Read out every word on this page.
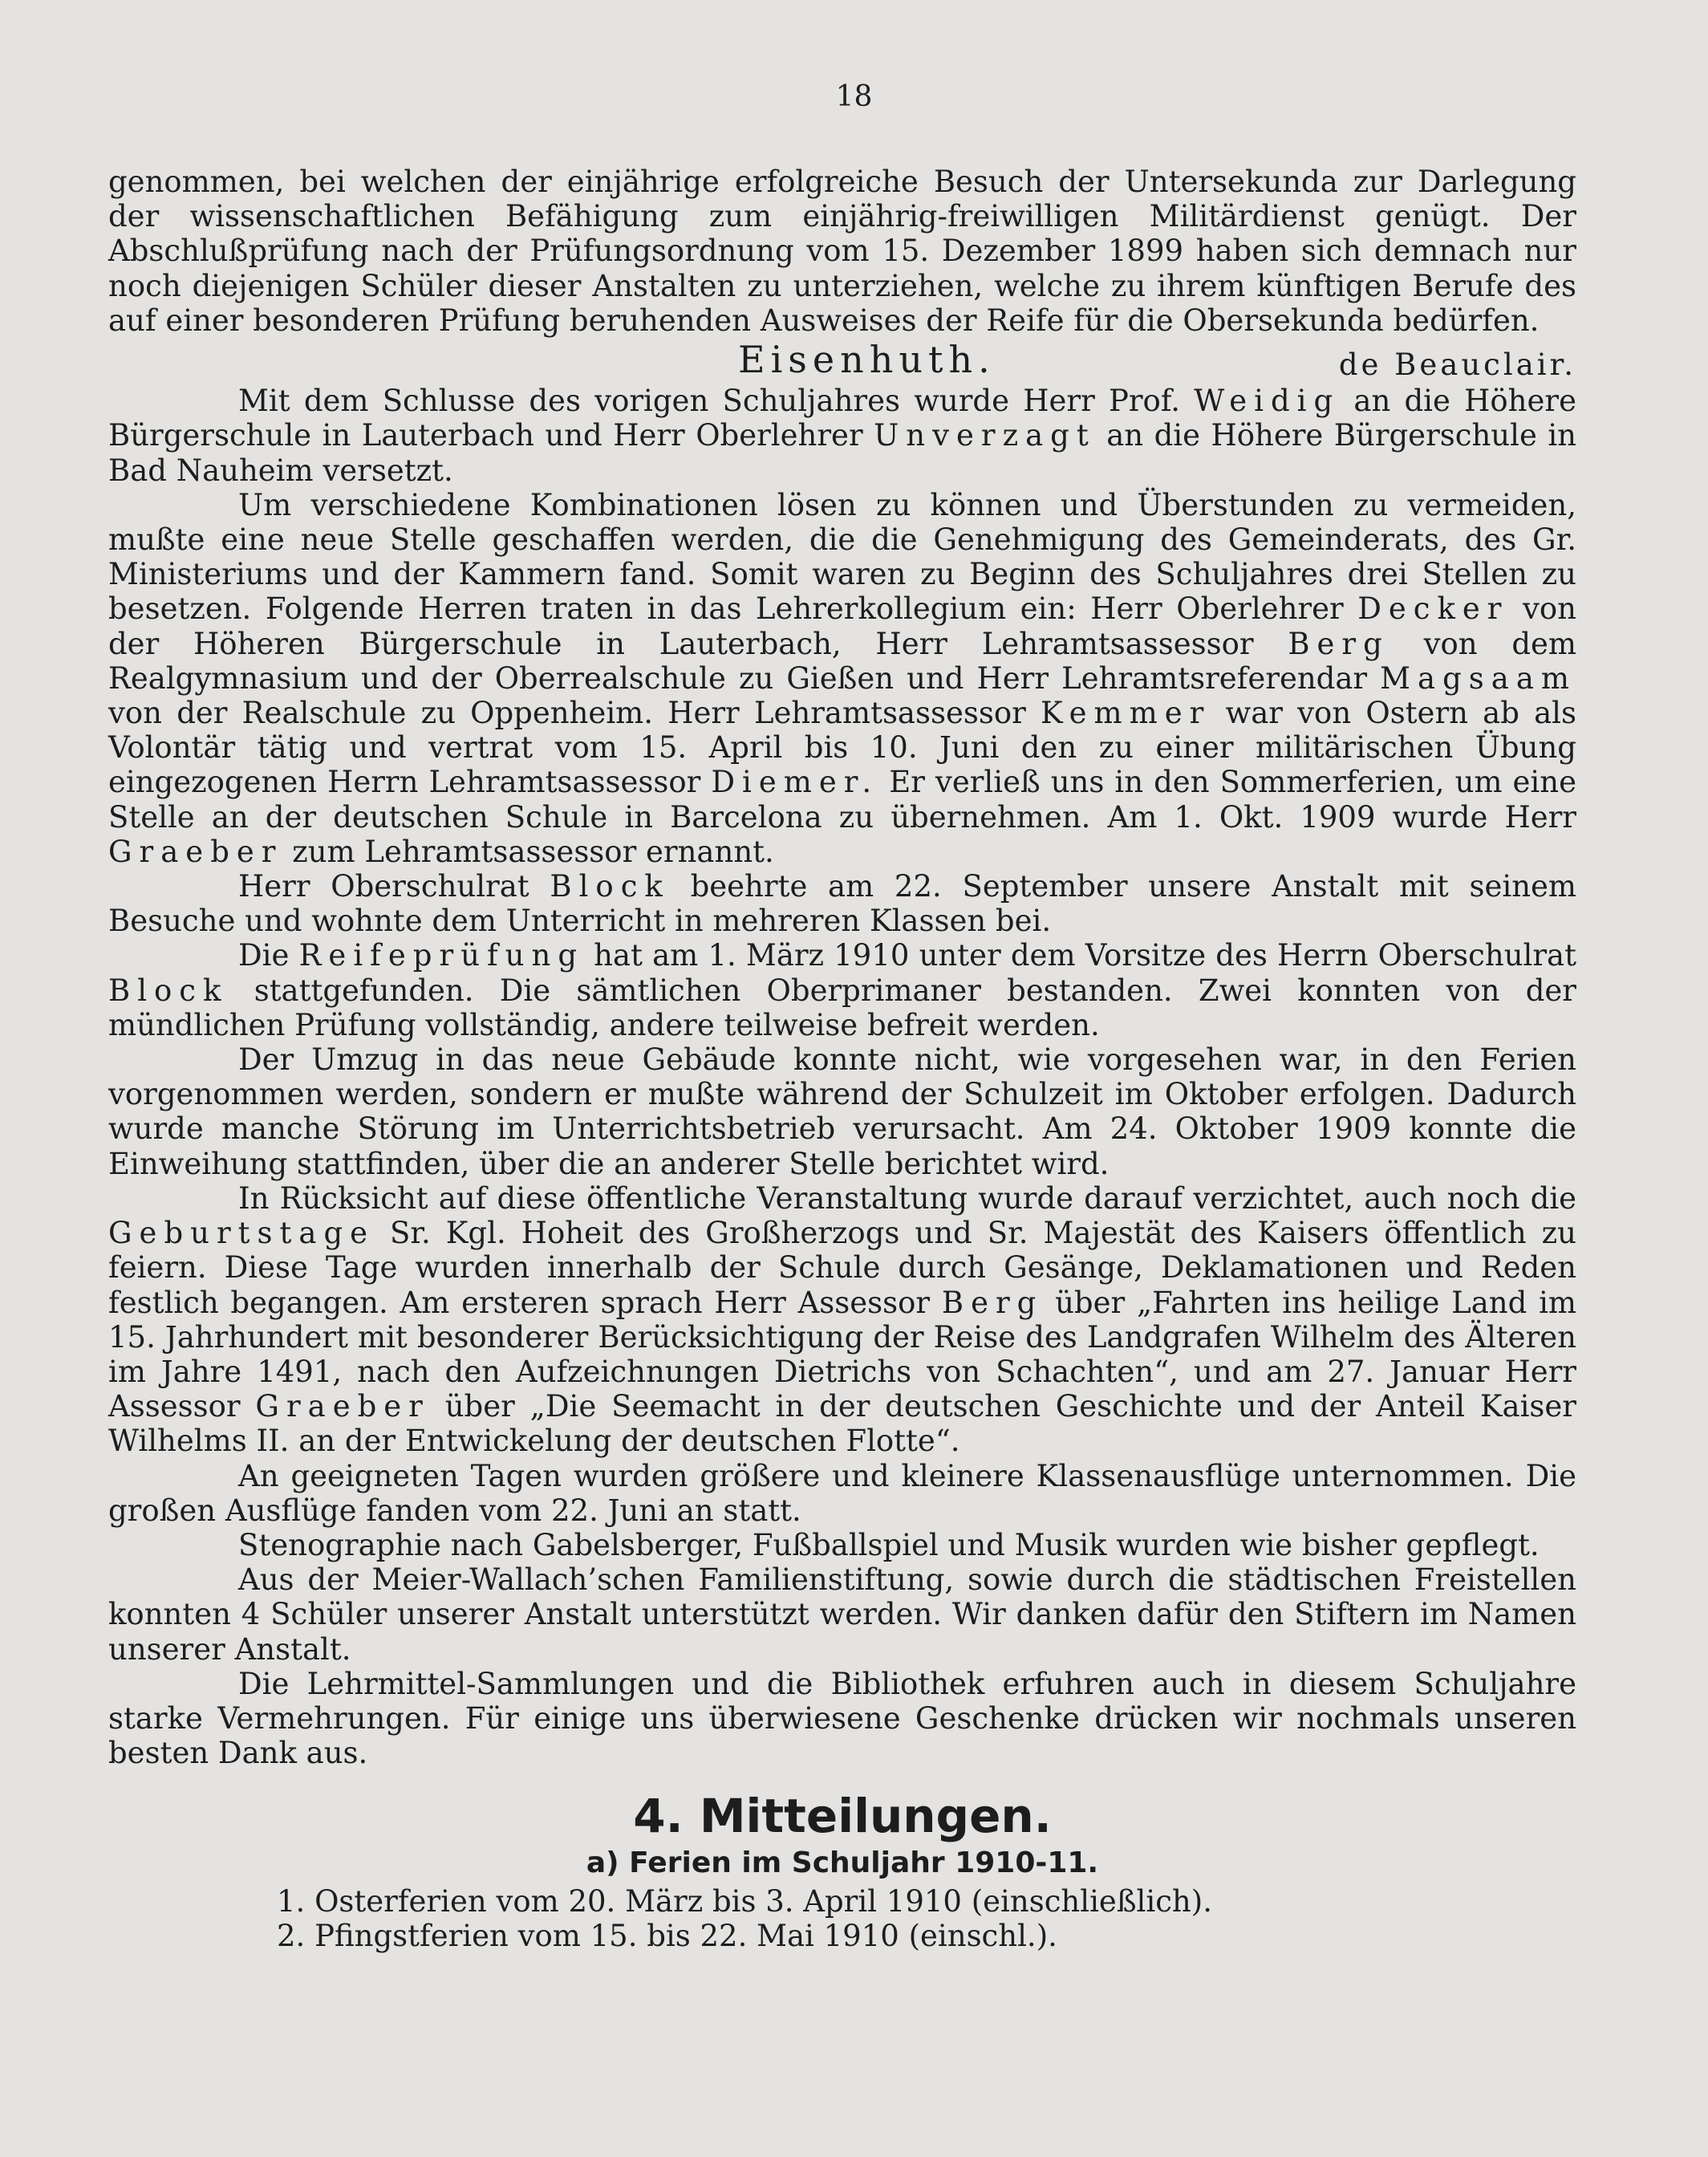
18

genommen, bei welchen der einjährige erfolgreiche Besuch der Untersekunda zur Darlegung der wissenschaftlichen Befähigung zum einjährig-freiwilligen Militärdienst genügt. Der Abschlußprüfung nach der Prüfungsordnung vom 15. Dezember 1899 haben sich demnach nur noch diejenigen Schüler dieser Anstalten zu unterziehen, welche zu ihrem künftigen Berufe des auf einer besonderen Prüfung beruhenden Ausweises der Reife für die Obersekunda bedürfen.

Eisenhuth.	de Beauclair.

Mit dem Schlusse des vorigen Schuljahres wurde Herr Prof. Weidig an die Höhere Bürgerschule in Lauterbach und Herr Oberlehrer Unverzagt an die Höhere Bürgerschule in Bad Nauheim versetzt.

Um verschiedene Kombinationen lösen zu können und Überstunden zu vermeiden, mußte eine neue Stelle geschaffen werden, die die Genehmigung des Gemeinderats, des Gr. Ministeriums und der Kammern fand. Somit waren zu Beginn des Schuljahres drei Stellen zu besetzen. Folgende Herren traten in das Lehrerkollegium ein: Herr Oberlehrer Decker von der Höheren Bürgerschule in Lauterbach, Herr Lehramtsassessor Berg von dem Realgymnasium und der Oberrealschule zu Gießen und Herr Lehramtsreferendar Magsaam von der Realschule zu Oppenheim. Herr Lehramtsassessor Kemmer war von Ostern ab als Volontär tätig und vertrat vom 15. April bis 10. Juni den zu einer militärischen Übung eingezogenen Herrn Lehramtsassessor Diemer. Er verließ uns in den Sommerferien, um eine Stelle an der deutschen Schule in Barcelona zu übernehmen. Am 1. Okt. 1909 wurde Herr Graeber zum Lehramtsassessor ernannt.

Herr Oberschulrat Block beehrte am 22. September unsere Anstalt mit seinem Besuche und wohnte dem Unterricht in mehreren Klassen bei.

Die Reifeprüfung hat am 1. März 1910 unter dem Vorsitze des Herrn Oberschulrat Block stattgefunden. Die sämtlichen Oberprimaner bestanden. Zwei konnten von der mündlichen Prüfung vollständig, andere teilweise befreit werden.

Der Umzug in das neue Gebäude konnte nicht, wie vorgesehen war, in den Ferien vorgenommen werden, sondern er mußte während der Schulzeit im Oktober erfolgen. Dadurch wurde manche Störung im Unterrichtsbetrieb verursacht. Am 24. Oktober 1909 konnte die Einweihung stattfinden, über die an anderer Stelle berichtet wird.

In Rücksicht auf diese öffentliche Veranstaltung wurde darauf verzichtet, auch noch die Geburtstage Sr. Kgl. Hoheit des Großherzogs und Sr. Majestät des Kaisers öffentlich zu feiern. Diese Tage wurden innerhalb der Schule durch Gesänge, Deklamationen und Reden festlich begangen. Am ersteren sprach Herr Assessor Berg über „Fahrten ins heilige Land im 15. Jahrhundert mit besonderer Berücksichtigung der Reise des Landgrafen Wilhelm des Älteren im Jahre 1491, nach den Aufzeichnungen Dietrichs von Schachten“, und am 27. Januar Herr Assessor Graeber über „Die Seemacht in der deutschen Geschichte und der Anteil Kaiser Wilhelms II. an der Entwickelung der deutschen Flotte“.

An geeigneten Tagen wurden größere und kleinere Klassenausflüge unternommen. Die großen Ausflüge fanden vom 22. Juni an statt.

Stenographie nach Gabelsberger, Fußballspiel und Musik wurden wie bisher gepflegt.

Aus der Meier-Wallach’schen Familienstiftung, sowie durch die städtischen Freistellen konnten 4 Schüler unserer Anstalt unterstützt werden. Wir danken dafür den Stiftern im Namen unserer Anstalt.

Die Lehrmittel-Sammlungen und die Bibliothek erfuhren auch in diesem Schuljahre starke Vermehrungen. Für einige uns überwiesene Geschenke drücken wir nochmals unseren besten Dank aus.

4. Mitteilungen.
a) Ferien im Schuljahr 1910-11.
1. Osterferien vom 20. März bis 3. April 1910 (einschließlich).
2. Pfingstferien vom 15. bis 22. Mai 1910 (einschl.).
